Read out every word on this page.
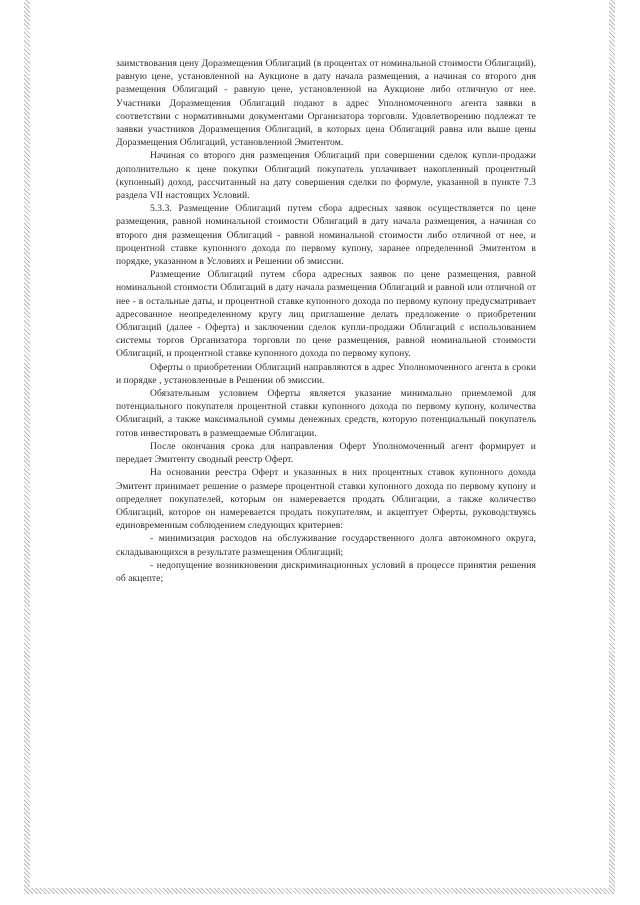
заимствования цену Доразмещения Облигаций (в процентах от номинальной стоимости Облигаций), равную цене, установленной на Аукционе в дату начала размещения, а начиная со второго дня размещения Облигаций - равную цене, установленной на Аукционе либо отличную от нее. Участники Доразмещения Облигаций подают в адрес Уполномоченного агента заявки в соответствии с нормативными документами Организатора торговли. Удовлетворению подлежат те заявки участников Доразмещения Облигаций, в которых цена Облигаций равна или выше цены Доразмещения Облигаций, установленной Эмитентом.

Начиная со второго дня размещения Облигаций при совершении сделок купли-продажи дополнительно к цене покупки Облигаций покупатель уплачивает накопленный процентный (купонный) доход, рассчитанный на дату совершения сделки по формуле, указанной в пункте 7.3 раздела VII настоящих Условий.

5.3.3. Размещение Облигаций путем сбора адресных заявок осуществляется по цене размещения, равной номинальной стоимости Облигаций в дату начала размещения, а начиная со второго дня размещения Облигаций - равной номинальной стоимости либо отличной от нее, и процентной ставке купонного дохода по первому купону, заранее определенной Эмитентом в порядке, указанном в Условиях и Решении об эмиссии.

Размещение Облигаций путем сбора адресных заявок по цене размещения, равной номинальной стоимости Облигаций в дату начала размещения Облигаций и равной или отличной от нее - в остальные даты, и процентной ставке купонного дохода по первому купону предусматривает адресованное неопределенному кругу лиц приглашение делать предложение о приобретении Облигаций (далее - Оферта) и заключении сделок купли-продажи Облигаций с использованием системы торгов Организатора торговли по цене размещения, равной номинальной стоимости Облигаций, и процентной ставке купонного дохода по первому купону.

Оферты о приобретении Облигаций направляются в адрес Уполномоченного агента в сроки и порядке , установленные в Решении об эмиссии.

Обязательным условием Оферты является указание минимально приемлемой для потенциального покупателя процентной ставки купонного дохода по первому купону, количества Облигаций, а также максимальной суммы денежных средств, которую потенциальный покупатель готов инвестировать в размещаемые Облигации.

После окончания срока для направления Оферт Уполномоченный агент формирует и передает Эмитенту сводный реестр Оферт.

На основании реестра Оферт и указанных в них процентных ставок купонного дохода Эмитент принимает решение о размере процентной ставки купонного дохода по первому купону и определяет покупателей, которым он намеревается продать Облигации, а также количество Облигаций, которое он намеревается продать покупателям, и акцептует Оферты, руководствуясь единовременным соблюдением следующих критериев:

- минимизация расходов на обслуживание государственного долга автономного округа, складывающихся в результате размещения Облигаций;

- недопущение возникновения дискриминационных условий в процессе принятия решения об акцепте;
